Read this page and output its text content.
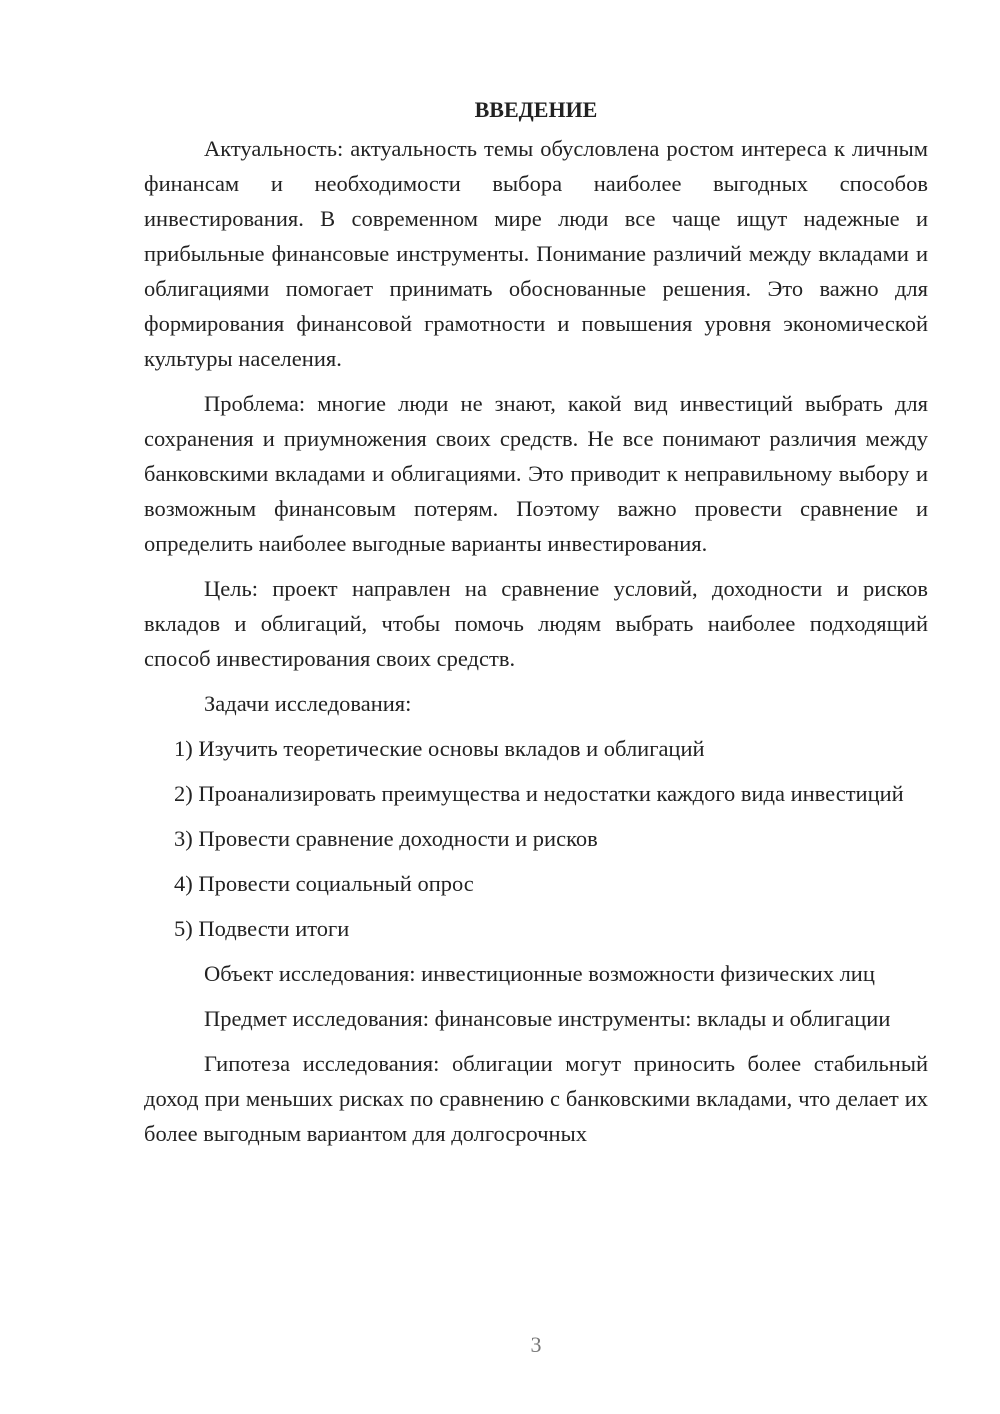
ВВЕДЕНИЕ

Актуальность: актуальность темы обусловлена ростом интереса к личным финансам и необходимости выбора наиболее выгодных способов инвестирования. В современном мире люди все чаще ищут надежные и прибыльные финансовые инструменты. Понимание различий между вкладами и облигациями помогает принимать обоснованные решения. Это важно для формирования финансовой грамотности и повышения уровня экономической культуры населения.

Проблема: многие люди не знают, какой вид инвестиций выбрать для сохранения и приумножения своих средств. Не все понимают различия между банковскими вкладами и облигациями. Это приводит к неправильному выбору и возможным финансовым потерям. Поэтому важно провести сравнение и определить наиболее выгодные варианты инвестирования.

Цель: проект направлен на сравнение условий, доходности и рисков вкладов и облигаций, чтобы помочь людям выбрать наиболее подходящий способ инвестирования своих средств.

Задачи исследования:

1) Изучить теоретические основы вкладов и облигаций

2) Проанализировать преимущества и недостатки каждого вида инвестиций

3) Провести сравнение доходности и рисков

4) Провести социальный опрос

5) Подвести итоги

Объект исследования: инвестиционные возможности физических лиц

Предмет исследования: финансовые инструменты: вклады и облигации

Гипотеза исследования: облигации могут приносить более стабильный доход при меньших рисках по сравнению с банковскими вкладами, что делает их более выгодным вариантом для долгосрочных

3
